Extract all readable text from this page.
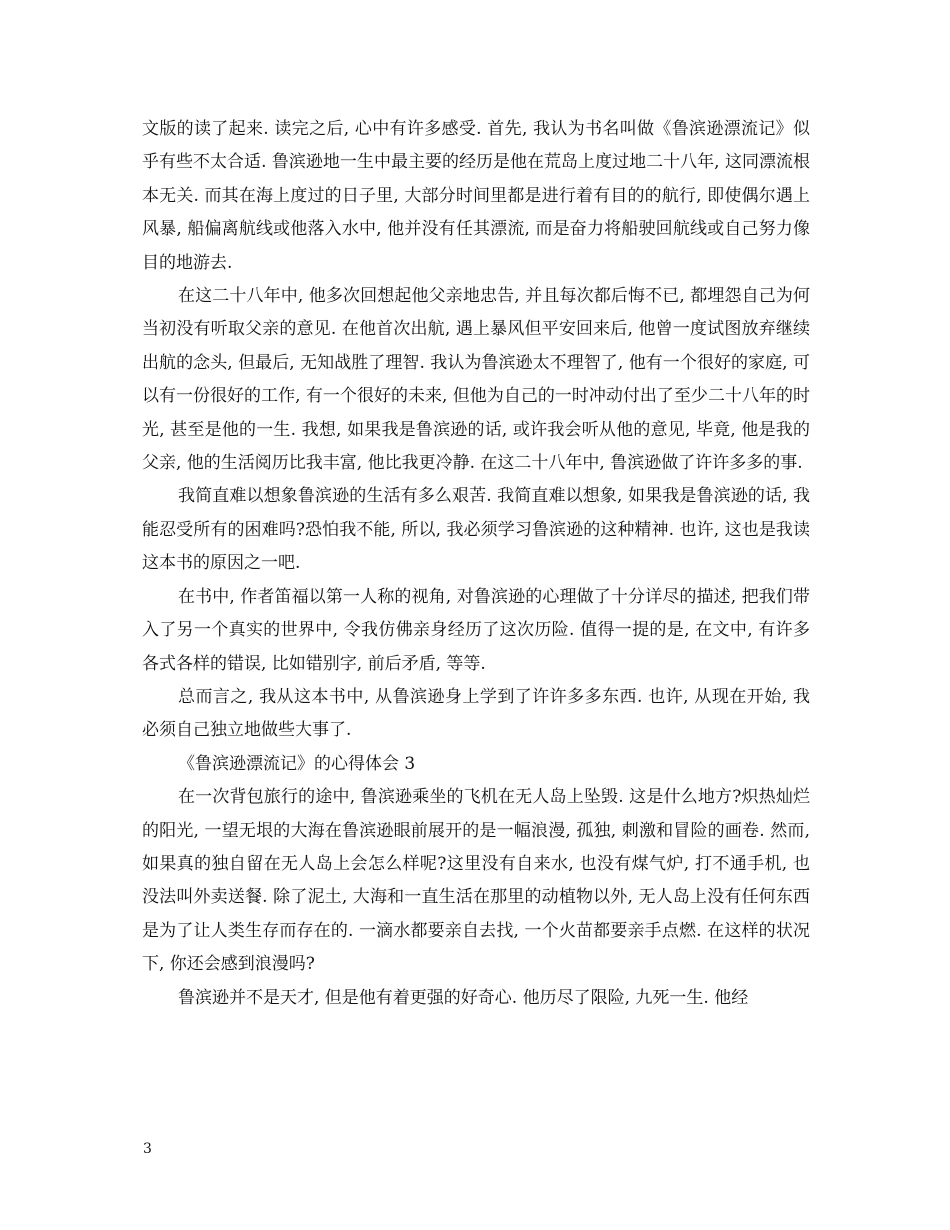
文版的读了起来. 读完之后, 心中有许多感受. 首先, 我认为书名叫做《鲁滨逊漂流记》似乎有些不太合适. 鲁滨逊地一生中最主要的经历是他在荒岛上度过地二十八年, 这同漂流根本无关. 而其在海上度过的日子里, 大部分时间里都是进行着有目的的航行, 即使偶尔遇上风暴, 船偏离航线或他落入水中, 他并没有任其漂流, 而是奋力将船驶回航线或自己努力像目的地游去.

在这二十八年中, 他多次回想起他父亲地忠告, 并且每次都后悔不已, 都埋怨自己为何当初没有听取父亲的意见. 在他首次出航, 遇上暴风但平安回来后, 他曾一度试图放弃继续出航的念头, 但最后, 无知战胜了理智. 我认为鲁滨逊太不理智了, 他有一个很好的家庭, 可以有一份很好的工作, 有一个很好的未来, 但他为自己的一时冲动付出了至少二十八年的时光, 甚至是他的一生. 我想, 如果我是鲁滨逊的话, 或许我会听从他的意见, 毕竟, 他是我的父亲, 他的生活阅历比我丰富, 他比我更冷静. 在这二十八年中, 鲁滨逊做了许许多多的事.

我简直难以想象鲁滨逊的生活有多么艰苦. 我简直难以想象, 如果我是鲁滨逊的话, 我能忍受所有的困难吗?恐怕我不能, 所以, 我必须学习鲁滨逊的这种精神. 也许, 这也是我读这本书的原因之一吧.

在书中, 作者笛福以第一人称的视角, 对鲁滨逊的心理做了十分详尽的描述, 把我们带入了另一个真实的世界中, 令我仿佛亲身经历了这次历险. 值得一提的是, 在文中, 有许多各式各样的错误, 比如错别字, 前后矛盾, 等等.

总而言之, 我从这本书中, 从鲁滨逊身上学到了许许多多东西. 也许, 从现在开始, 我必须自己独立地做些大事了.

《鲁滨逊漂流记》的心得体会 3

在一次背包旅行的途中, 鲁滨逊乘坐的飞机在无人岛上坠毁. 这是什么地方?炽热灿烂的阳光, 一望无垠的大海在鲁滨逊眼前展开的是一幅浪漫, 孤独, 刺激和冒险的画卷. 然而, 如果真的独自留在无人岛上会怎么样呢?这里没有自来水, 也没有煤气炉, 打不通手机, 也没法叫外卖送餐. 除了泥土, 大海和一直生活在那里的动植物以外, 无人岛上没有任何东西是为了让人类生存而存在的. 一滴水都要亲自去找, 一个火苗都要亲手点燃. 在这样的状况下, 你还会感到浪漫吗?

鲁滨逊并不是天才, 但是他有着更强的好奇心. 他历尽了限险, 九死一生. 他经

3
